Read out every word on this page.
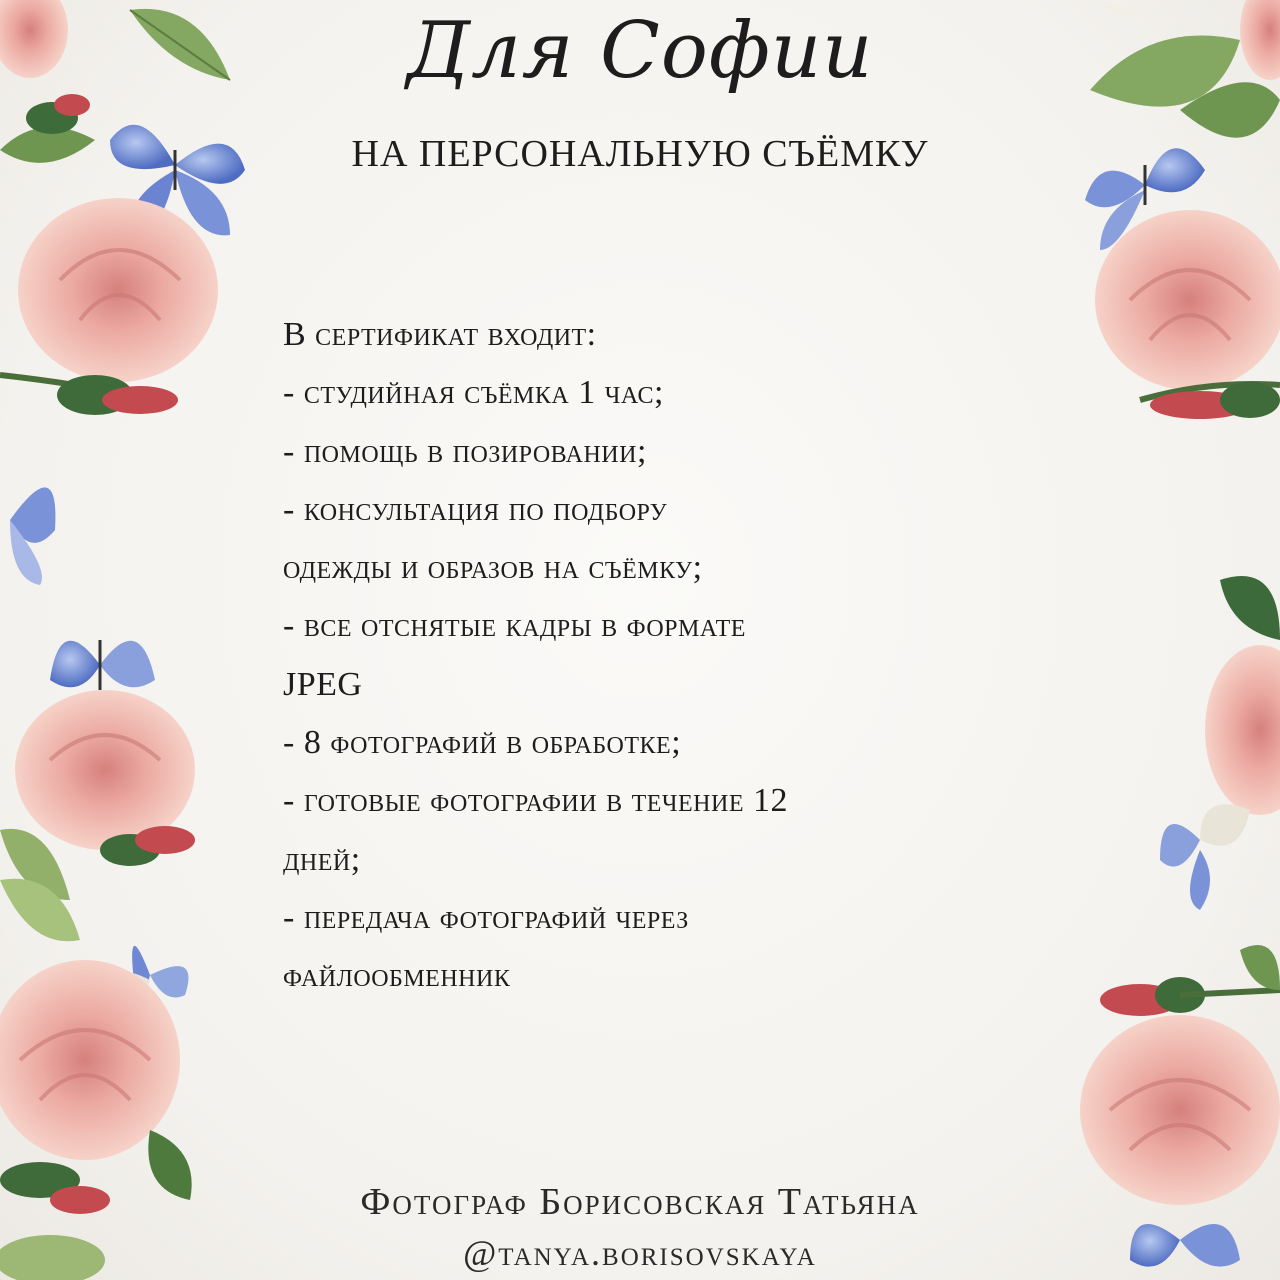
Для Софии
НА ПЕРСОНАЛЬНУЮ СЪЁМКУ
В сертификат входит:
- студийная съёмка 1 час;
- помощь в позировании;
- консультация по подбору
одежды и образов на съёмку;
- все отснятые кадры в формате
JPEG
- 8 фотографий в обработке;
- готовые фотографии в течение 12
дней;
- передача фотографий через
файлообменник
Фотограф Борисовская Татьяна
@tanya.borisovskaya
